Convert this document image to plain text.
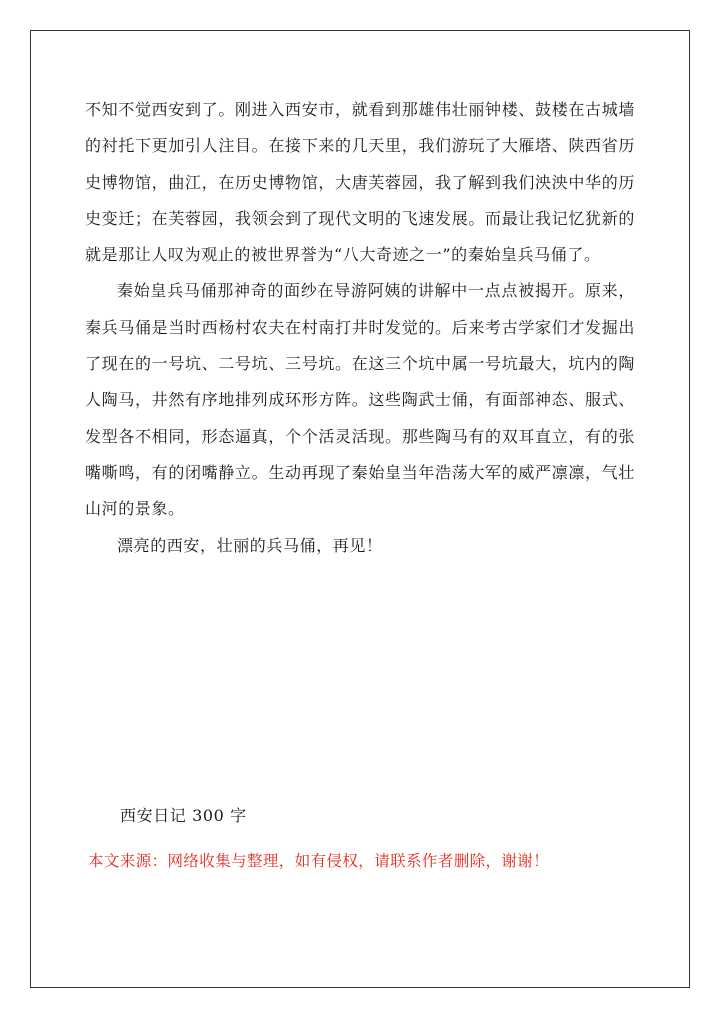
不知不觉西安到了。刚进入西安市，就看到那雄伟壮丽钟楼、鼓楼在古城墙的衬托下更加引人注目。在接下来的几天里，我们游玩了大雁塔、陕西省历史博物馆，曲江，在历史博物馆，大唐芙蓉园，我了解到我们泱泱中华的历史变迁；在芙蓉园，我领会到了现代文明的飞速发展。而最让我记忆犹新的就是那让人叹为观止的被世界誉为“八大奇迹之一”的秦始皇兵马俑了。

秦始皇兵马俑那神奇的面纱在导游阿姨的讲解中一点点被揭开。原来，秦兵马俑是当时西杨村农夫在村南打井时发觉的。后来考古学家们才发掘出了现在的一号坑、二号坑、三号坑。在这三个坑中属一号坑最大，坑内的陶人陶马，井然有序地排列成环形方阵。这些陶武士俑，有面部神态、服式、发型各不相同，形态逼真，个个活灵活现。那些陶马有的双耳直立，有的张嘴嘶鸣，有的闭嘴静立。生动再现了秦始皇当年浩荡大军的威严凛凛，气壮山河的景象。

漂亮的西安，壮丽的兵马俑，再见！

西安日记 300 字
本文来源：网络收集与整理，如有侵权，请联系作者删除，谢谢！
